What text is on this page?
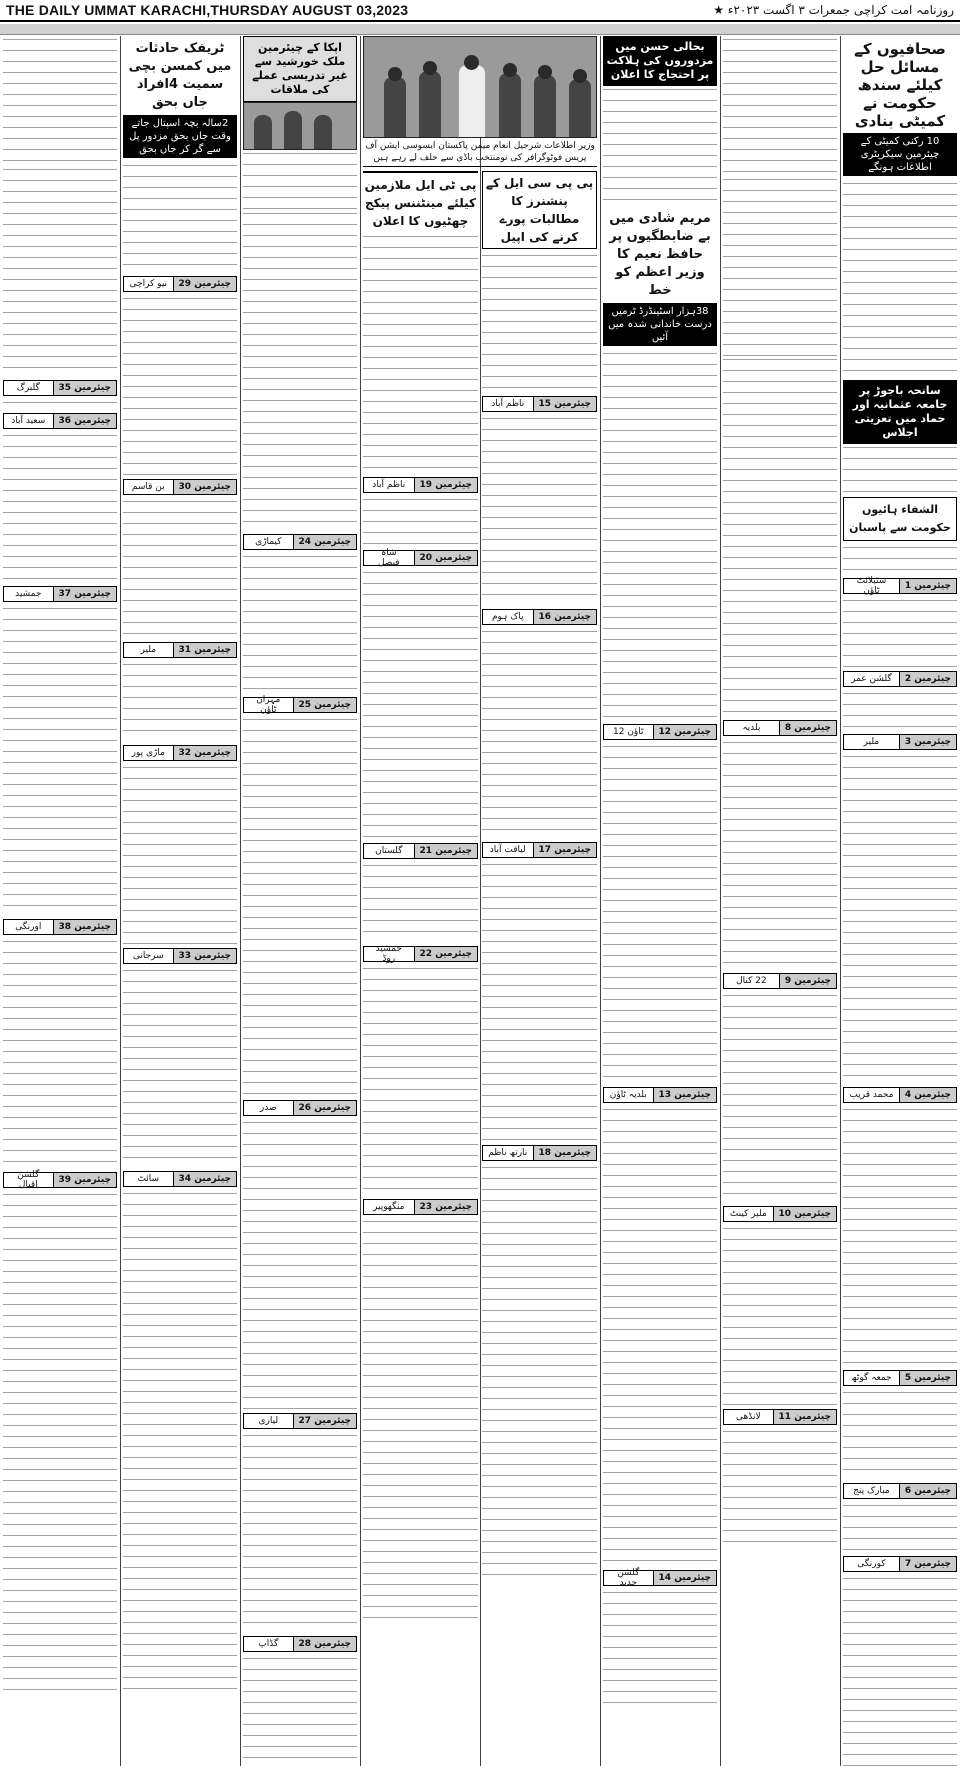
THE DAILY UMMAT KARACHI,THURSDAY AUGUST 03,2023	★ روزنامہ امت کراچی جمعرات ۳ اگست ۲۰۲۳ء
صحافیوں کے مسائل حل کیلئے سندھ حکومت نے کمیٹی بنادی
10 رکنی کمیٹی کے چیئرمین سیکریٹری اطلاعات ہونگے
سانحہ باجوڑ پر جامعہ عثمانیہ اور حماد میں تعزیتی اجلاس
الشفاء ہائیوں حکومت سے پاسبان
چیئرمین 1
سٹیلائٹ ٹاؤن
چیئرمین 2
گلشن عمر
چیئرمین 3
ملیر
چیئرمین 4
محمد قریب
چیئرمین 5
جمعہ گوٹھ
چیئرمین 6
مبارک پنج
چیئرمین 7
کورنگی
چیئرمین 8
بلدیہ
چیئرمین 9
22 کنال
چیئرمین 10
ملیر کینٹ
چیئرمین 11
لانڈھی
بحالی حسن میں مزدوروں کی ہلاکت پر احتجاج کا اعلان
مریم شادی میں بے ضابطگیوں پر حافظ نعیم کا وزیر اعظم کو خط
38ہزار اسٹینڈرڈ ٹرمیں درست خاندانی شدہ میں آئیں
چیئرمین 12
ٹاؤن 12
چیئرمین 13
بلدیہ ٹاؤن
چیئرمین 14
گلشن حدید
وزیر اطلاعات شرجیل انعام میمن پاکستان ایسوسی ایشن آف پریس فوٹوگرافر کی نومنتخب باڈی سے حلف لے رہے ہیں
پی پی سی ایل کے پنشنرز کا مطالبات پورے کرنے کی اپیل
چیئرمین 15
ناظم آباد
چیئرمین 16
پاک ہوم
چیئرمین 17
لیاقت آباد
چیئرمین 18
نارتھ ناظم
پی ٹی ایل ملازمین کیلئے مینٹننس پیکج چھٹیوں کا اعلان
چیئرمین 19
ناظم آباد
چیئرمین 20
شاہ فیصل
چیئرمین 21
گلستان
چیئرمین 22
جمشید روڈ
چیئرمین 23
منگھوپیر
اپکا کے چیئرمین ملک خورشید سے غیر تدریسی عملے کی ملاقات
چیئرمین 24
کیماڑی
چیئرمین 25
مہران ٹاؤن
چیئرمین 26
صدر
چیئرمین 27
لیاری
چیئرمین 28
گڈاپ
ٹریفک حادثات میں کمسن بچی سمیت 4افراد جاں بحق
2سالہ بچہ اسپتال جاتے وقت جاں بحق مزدور پل سے گر کر جاں بحق
چیئرمین 29
نیو کراچی
چیئرمین 30
بن قاسم
چیئرمین 31
ملیر
چیئرمین 32
ماڑی پور
چیئرمین 33
سرجانی
چیئرمین 34
سائٹ
چیئرمین 35
گلبرگ
چیئرمین 36
سعید آباد
چیئرمین 37
جمشید
چیئرمین 38
اورنگی
چیئرمین 39
گلشن اقبال
